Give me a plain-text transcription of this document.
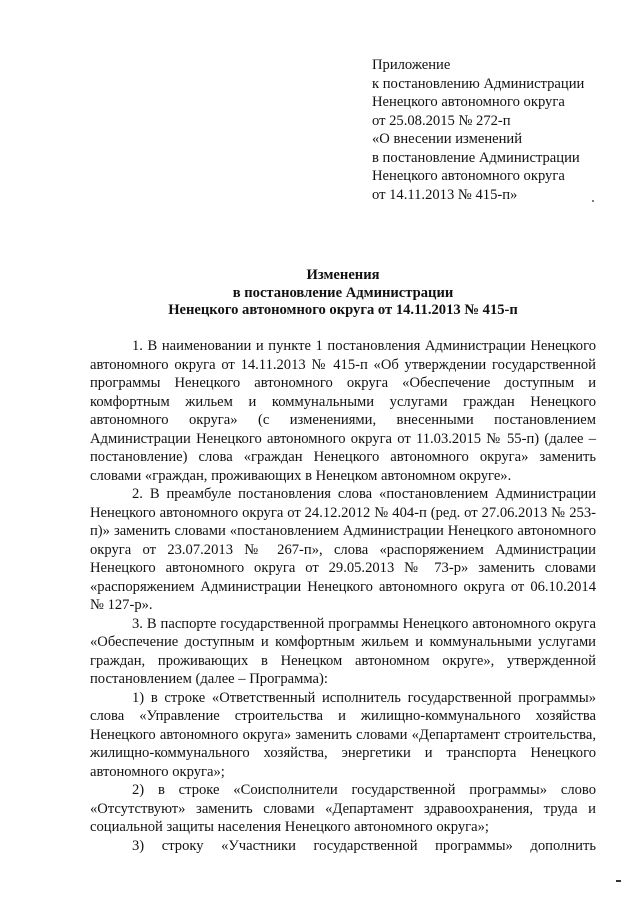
Приложение
к постановлению Администрации
Ненецкого автономного округа
от 25.08.2015 № 272-п
«О внесении изменений
в постановление Администрации
Ненецкого автономного округа
от 14.11.2013 № 415-п»
Изменения
в постановление Администрации
Ненецкого автономного округа от 14.11.2013 № 415-п

1. В наименовании и пункте 1 постановления Администрации Ненецкого автономного округа от 14.11.2013 № 415-п «Об утверждении государственной программы Ненецкого автономного округа «Обеспечение доступным и комфортным жильем и коммунальными услугами граждан Ненецкого автономного округа» (с изменениями, внесенными постановлением Администрации Ненецкого автономного округа от 11.03.2015 № 55-п) (далее – постановление) слова «граждан Ненецкого автономного округа» заменить словами «граждан, проживающих в Ненецком автономном округе».

2. В преамбуле постановления слова «постановлением Администрации Ненецкого автономного округа от 24.12.2012 № 404-п (ред. от 27.06.2013 № 253-п)» заменить словами «постановлением Администрации Ненецкого автономного округа от 23.07.2013 № 267-п», слова «распоряжением Администрации Ненецкого автономного округа от 29.05.2013 № 73-р» заменить словами «распоряжением Администрации Ненецкого автономного округа от 06.10.2014 № 127-р».

3. В паспорте государственной программы Ненецкого автономного округа «Обеспечение доступным и комфортным жильем и коммунальными услугами граждан, проживающих в Ненецком автономном округе», утвержденной постановлением (далее – Программа):

1) в строке «Ответственный исполнитель государственной программы» слова «Управление строительства и жилищно-коммунального хозяйства Ненецкого автономного округа» заменить словами «Департамент строительства, жилищно-коммунального хозяйства, энергетики и транспорта Ненецкого автономного округа»;

2) в строке «Соисполнители государственной программы» слово «Отсутствуют» заменить словами «Департамент здравоохранения, труда и социальной защиты населения Ненецкого автономного округа»;

3) строку «Участники государственной программы» дополнить
